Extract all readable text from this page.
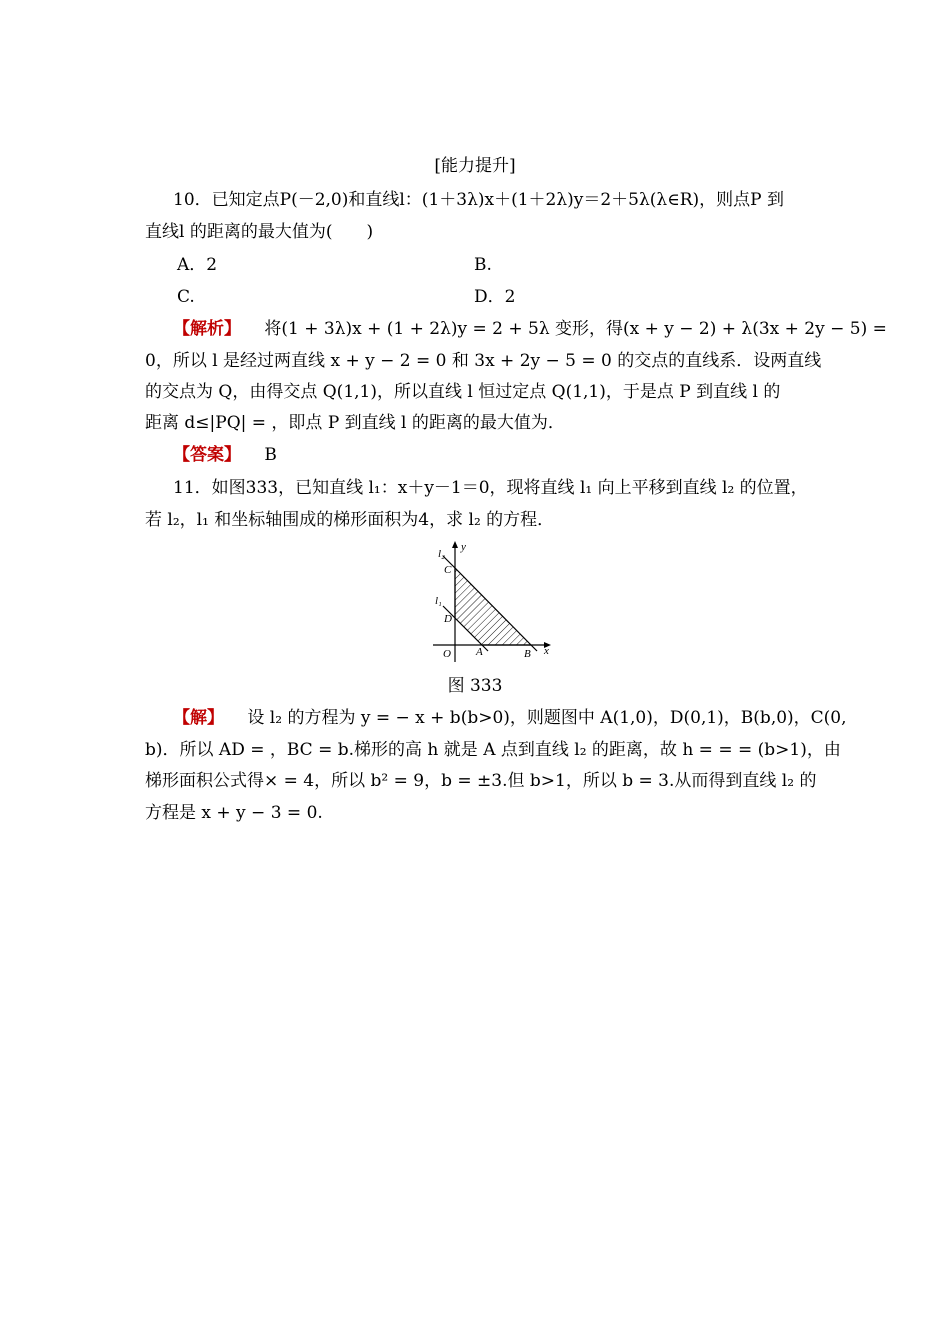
[能力提升]
10．已知定点P(－2,0)和直线l：(1＋3λ)x＋(1＋2λ)y＝2＋5λ(λ∈R)，则点P 到
直线l 的距离的最大值为(　　)
A．2	B.
C.	D．2
【解析】 将(1 + 3λ)x + (1 + 2λ)y = 2 + 5λ 变形，得(x + y − 2) + λ(3x + 2y − 5) =
0，所以 l 是经过两直线 x + y − 2 = 0 和 3x + 2y − 5 = 0 的交点的直线系．设两直线
的交点为 Q，由得交点 Q(1,1)，所以直线 l 恒过定点 Q(1,1)，于是点 P 到直线 l 的
距离 d≤|PQ| = ，即点 P 到直线 l 的距离的最大值为．
【答案】 B
11．如图333，已知直线 l₁：x＋y－1＝0，现将直线 l₁ 向上平移到直线 l₂ 的位置，
若 l₂，l₁ 和坐标轴围成的梯形面积为4，求 l₂ 的方程．
y
l₂
C
l₁
D
O A	B x
图 333
【解】 设 l₂ 的方程为 y = − x + b(b>0)，则题图中 A(1,0)，D(0,1)，B(b,0)，C(0,
b)．所以 AD = ，BC = b.梯形的高 h 就是 A 点到直线 l₂ 的距离，故 h = = = (b>1)，由
梯形面积公式得× = 4，所以 b² = 9，b = ±3.但 b>1，所以 b = 3.从而得到直线 l₂ 的
方程是 x + y − 3 = 0.
